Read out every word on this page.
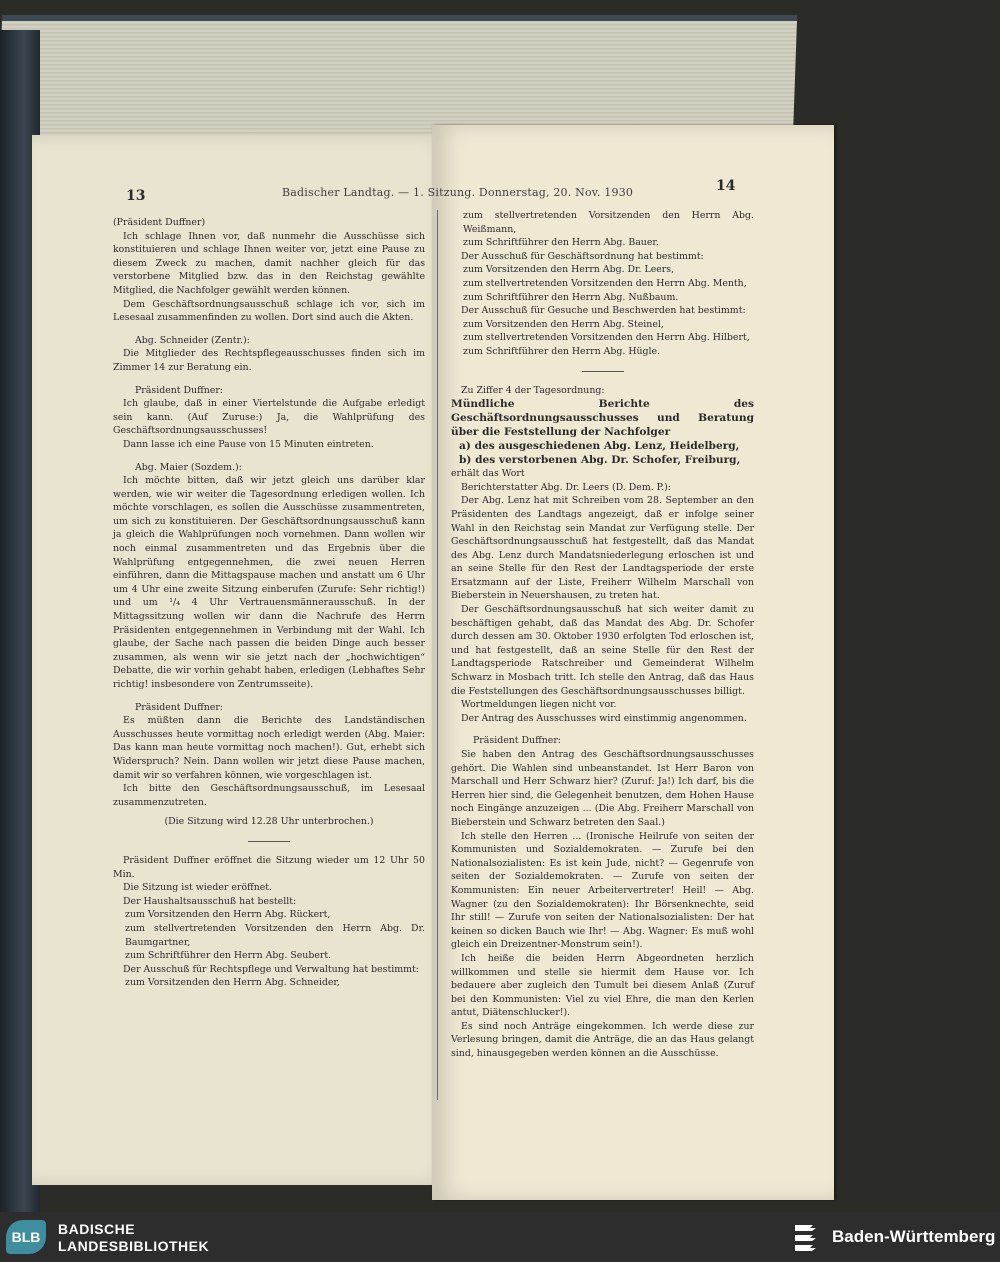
13	Badischer Landtag. — 1. Sitzung. Donnerstag, 20. Nov. 1930	14

(Präsident Duffner)

Ich schlage Ihnen vor, daß nunmehr die Ausschüsse sich konstituieren und schlage Ihnen weiter vor, jetzt eine Pause zu diesem Zweck zu machen, damit nachher gleich für das verstorbene Mitglied bzw. das in den Reichstag gewählte Mitglied, die Nachfolger gewählt werden können.

Dem Geschäftsordnungsausschuß schlage ich vor, sich im Lesesaal zusammenfinden zu wollen. Dort sind auch die Akten.

Abg. Schneider (Zentr.):

Die Mitglieder des Rechtspflegeausschusses finden sich im Zimmer 14 zur Beratung ein.

Präsident Duffner:

Ich glaube, daß in einer Viertelstunde die Aufgabe erledigt sein kann. (Auf Zuruse:) Ja, die Wahlprüfung des Geschäftsordnungsausschusses!

Dann lasse ich eine Pause von 15 Minuten eintreten.

Abg. Maier (Sozdem.):

Ich möchte bitten, daß wir jetzt gleich uns darüber klar werden, wie wir weiter die Tagesordnung erledigen wollen. Ich möchte vorschlagen, es sollen die Ausschüsse zusammentreten, um sich zu konstituieren. Der Geschäftsordnungsausschuß kann ja gleich die Wahlprüfungen noch vornehmen. Dann wollen wir noch einmal zusammentreten und das Ergebnis über die Wahlprüfung entgegennehmen, die zwei neuen Herren einführen, dann die Mittagspause machen und anstatt um 6 Uhr um 4 Uhr eine zweite Sitzung einberufen (Zurufe: Sehr richtig!) und um ¹/₄ 4 Uhr Vertrauensmännerausschuß. In der Mittagssitzung wollen wir dann die Nachrufe des Herrn Präsidenten entgegennehmen in Verbindung mit der Wahl. Ich glaube, der Sache nach passen die beiden Dinge auch besser zusammen, als wenn wir sie jetzt nach der „hochwichtigen“ Debatte, die wir vorhin gehabt haben, erledigen (Lebhaftes Sehr richtig! insbesondere von Zentrumsseite).

Präsident Duffner:

Es müßten dann die Berichte des Landständischen Ausschusses heute vormittag noch erledigt werden (Abg. Maier: Das kann man heute vormittag noch machen!). Gut, erhebt sich Widerspruch? Nein. Dann wollen wir jetzt diese Pause machen, damit wir so verfahren können, wie vorgeschlagen ist.

Ich bitte den Geschäftsordnungsausschuß, im Lesesaal zusammenzutreten.

(Die Sitzung wird 12.28 Uhr unterbrochen.)

Präsident Duffner eröffnet die Sitzung wieder um 12 Uhr 50 Min.

Die Sitzung ist wieder eröffnet.

Der Haushaltsausschuß hat bestellt:

zum Vorsitzenden den Herrn Abg. Rückert,

zum stellvertretenden Vorsitzenden den Herrn Abg. Dr. Baumgartner,

zum Schriftführer den Herrn Abg. Seubert.

Der Ausschuß für Rechtspflege und Verwaltung hat bestimmt:

zum Vorsitzenden den Herrn Abg. Schneider,

zum stellvertretenden Vorsitzenden den Herrn Abg. Weißmann,

zum Schriftführer den Herrn Abg. Bauer.

Der Ausschuß für Geschäftsordnung hat bestimmt:

zum Vorsitzenden den Herrn Abg. Dr. Leers,

zum stellvertretenden Vorsitzenden den Herrn Abg. Menth,

zum Schriftführer den Herrn Abg. Nußbaum.

Der Ausschuß für Gesuche und Beschwerden hat bestimmt:

zum Vorsitzenden den Herrn Abg. Steinel,

zum stellvertretenden Vorsitzenden den Herrn Abg. Hilbert,

zum Schriftführer den Herrn Abg. Hügle.

Zu Ziffer 4 der Tagesordnung:

Mündliche Berichte des Geschäftsordnungsausschusses und Beratung über die Feststellung der Nachfolger

a) des ausgeschiedenen Abg. Lenz, Heidelberg,

b) des verstorbenen Abg. Dr. Schofer, Freiburg,

erhält das Wort

Berichterstatter Abg. Dr. Leers (D. Dem. P.):

Der Abg. Lenz hat mit Schreiben vom 28. September an den Präsidenten des Landtags angezeigt, daß er infolge seiner Wahl in den Reichstag sein Mandat zur Verfügung stelle. Der Geschäftsordnungsausschuß hat festgestellt, daß das Mandat des Abg. Lenz durch Mandatsniederlegung erloschen ist und an seine Stelle für den Rest der Landtagsperiode der erste Ersatzmann auf der Liste, Freiherr Wilhelm Marschall von Bieberstein in Neuershausen, zu treten hat.

Der Geschäftsordnungsausschuß hat sich weiter damit zu beschäftigen gehabt, daß das Mandat des Abg. Dr. Schofer durch dessen am 30. Oktober 1930 erfolgten Tod erloschen ist, und hat festgestellt, daß an seine Stelle für den Rest der Landtagsperiode Ratschreiber und Gemeinderat Wilhelm Schwarz in Mosbach tritt. Ich stelle den Antrag, daß das Haus die Feststellungen des Geschäftsordnungsausschusses billigt.

Wortmeldungen liegen nicht vor.

Der Antrag des Ausschusses wird einstimmig angenommen.

Präsident Duffner:

Sie haben den Antrag des Geschäftsordnungsausschusses gehört. Die Wahlen sind unbeanstandet. Ist Herr Baron von Marschall und Herr Schwarz hier? (Zuruf: Ja!) Ich darf, bis die Herren hier sind, die Gelegenheit benutzen, dem Hohen Hause noch Eingänge anzuzeigen ... (Die Abg. Freiherr Marschall von Bieberstein und Schwarz betreten den Saal.)

Ich stelle den Herren ... (Ironische Heilrufe von seiten der Kommunisten und Sozialdemokraten. — Zurufe bei den Nationalsozialisten: Es ist kein Jude, nicht? — Gegenrufe von seiten der Sozialdemokraten. — Zurufe von seiten der Kommunisten: Ein neuer Arbeitervertreter! Heil! — Abg. Wagner (zu den Sozialdemokraten): Ihr Börsenknechte, seid Ihr still! — Zurufe von seiten der Nationalsozialisten: Der hat keinen so dicken Bauch wie Ihr! — Abg. Wagner: Es muß wohl gleich ein Dreizentner-Monstrum sein!).

Ich heiße die beiden Herrn Abgeordneten herzlich willkommen und stelle sie hiermit dem Hause vor. Ich bedauere aber zugleich den Tumult bei diesem Anlaß (Zuruf bei den Kommunisten: Viel zu viel Ehre, die man den Kerlen antut, Diätenschlucker!).

Es sind noch Anträge eingekommen. Ich werde diese zur Verlesung bringen, damit die Anträge, die an das Haus gelangt sind, hinausgegeben werden können an die Ausschüsse.

BLB	BADISCHE
LANDESBIBLIOTHEK	Baden-Württemberg
